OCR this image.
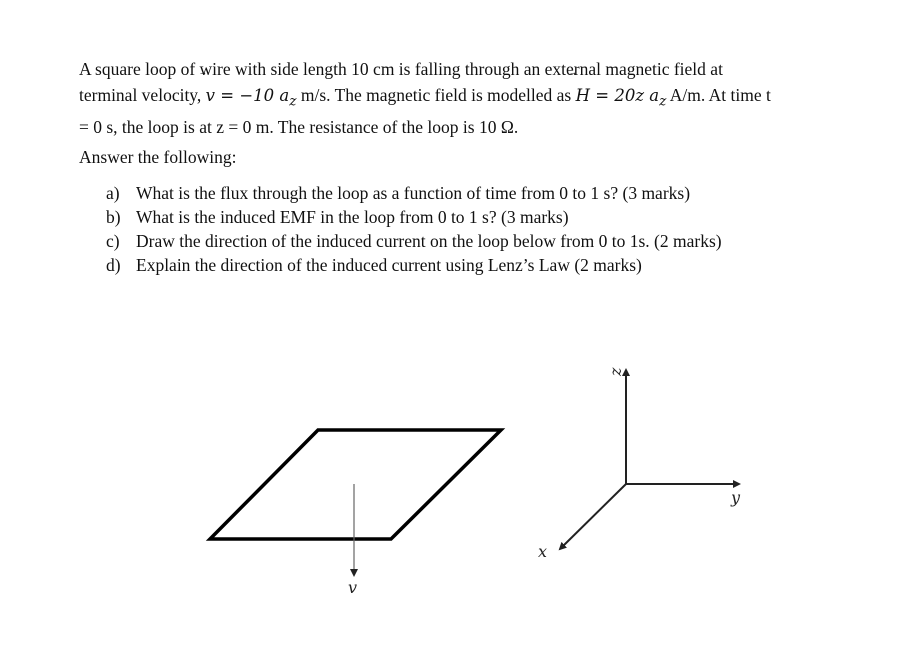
A square loop of wire with side length 10 cm is falling through an external magnetic field at
terminal velocity, v = −10 $a_z$ m/s. The magnetic field is modelled as
H = 20z $a_z$ A/m. At time t
= 0 s, the loop is at z = 0 m. The resistance of the loop is 10 Ω.
Answer the following:
a) What is the flux through the loop as a function of time from 0 to 1 s? (3 marks)
b) What is the induced EMF in the loop from 0 to 1 s? (3 marks)
c) Draw the direction of the induced current on the loop below from 0 to 1s. (2 marks)
d) Explain the direction of the induced current using Lenz’s Law (2 marks)
v
z
y
x
